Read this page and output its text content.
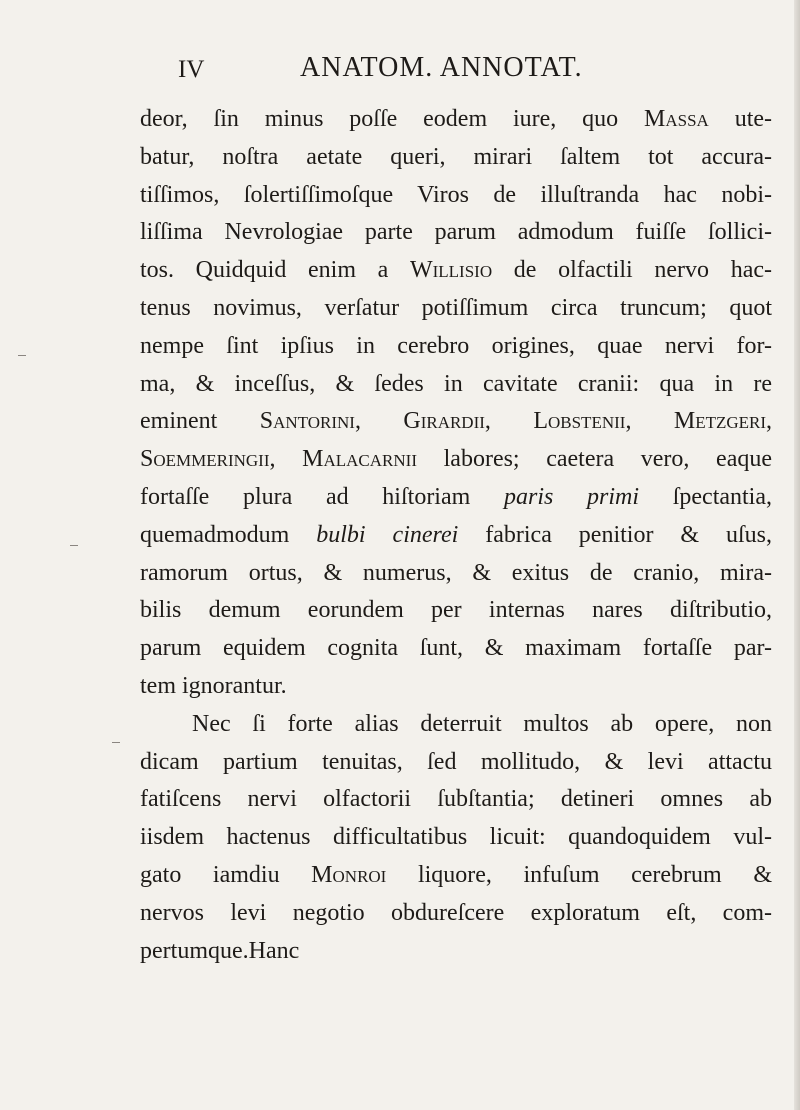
IV	ANATOM. ANNOTAT.
deor, ſin minus poſſe eodem iure, quo Massa ute-
batur, noſtra aetate queri, mirari ſaltem tot accura-
tiſſimos, ſolertiſſimoſque Viros de illuſtranda hac nobi-
liſſima Nevrologiae parte parum admodum fuiſſe ſollici-
tos. Quidquid enim a Willisio de olfactili nervo hac-
tenus novimus, verſatur potiſſimum circa truncum; quot
nempe ſint ipſius in cerebro origines, quae nervi for-
ma, & inceſſus, & ſedes in cavitate cranii: qua in re
eminent Santorini, Girardii, Lobstenii, Metzgeri,
Soemmeringii, Malacarnii labores; caetera vero, eaque
fortaſſe plura ad hiſtoriam paris primi ſpectantia,
quemadmodum bulbi cinerei fabrica penitior & uſus,
ramorum ortus, & numerus, & exitus de cranio, mira-
bilis demum eorundem per internas nares diſtributio,
parum equidem cognita ſunt, & maximam fortaſſe par-
tem ignorantur.
Nec ſi forte alias deterruit multos ab opere, non
dicam partium tenuitas, ſed mollitudo, & levi attactu
fatiſcens nervi olfactorii ſubſtantia; detineri omnes ab
iisdem hactenus difficultatibus licuit: quandoquidem vul-
gato iamdiu Monroi liquore, infuſum cerebrum &
nervos levi negotio obdureſcere exploratum eſt, com-
pertumque.Hanc
